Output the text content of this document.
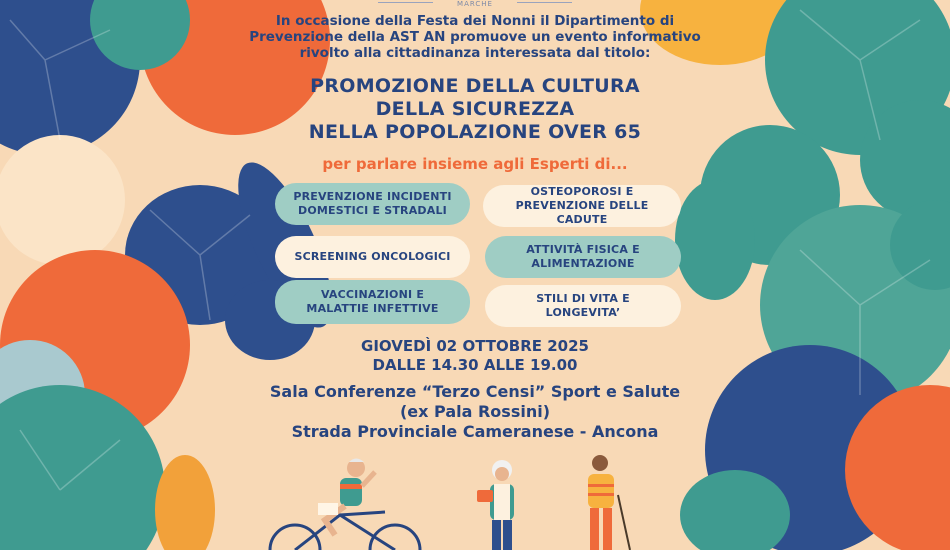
MARCHE
In occasione della Festa dei Nonni il Dipartimento di
Prevenzione della AST AN promuove un evento informativo
rivolto alla cittadinanza interessata dal titolo:
PROMOZIONE DELLA CULTURA
DELLA SICUREZZA
NELLA POPOLAZIONE OVER 65
per parlare insieme agli Esperti di...
PREVENZIONE INCIDENTI
DOMESTICI E STRADALI
OSTEOPOROSI E
PREVENZIONE DELLE CADUTE
SCREENING ONCOLOGICI
ATTIVITÀ FISICA E
ALIMENTAZIONE
VACCINAZIONI E
MALATTIE INFETTIVE
STILI DI VITA E LONGEVITA’
GIOVEDÌ 02 OTTOBRE 2025
DALLE 14.30 ALLE 19.00
Sala Conferenze “Terzo Censi” Sport e Salute
(ex Pala Rossini)
Strada Provinciale Cameranese - Ancona
